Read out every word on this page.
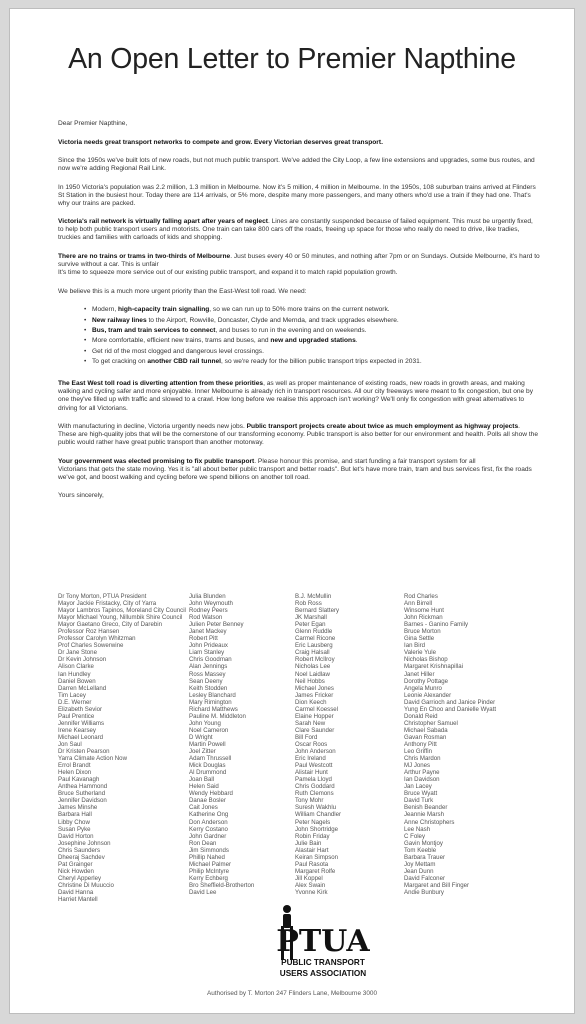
An Open Letter to Premier Napthine

Dear Premier Napthine,

Victoria needs great transport networks to compete and grow. Every Victorian deserves great transport.

Since the 1950s we've built lots of new roads, but not much public transport. We've added the City Loop, a few line extensions and upgrades, some bus routes, and now we're adding Regional Rail Link.

In 1950 Victoria's population was 2.2 million, 1.3 million in Melbourne. Now it's 5 million, 4 million in Melbourne. In the 1950s, 108 suburban trains arrived at Flinders St Station in the busiest hour. Today there are 114 arrivals, or 5% more, despite many more passengers, and many others who'd use a train if they had one. That's why our trains are packed.

Victoria's rail network is virtually falling apart after years of neglect. Lines are constantly suspended because of failed equipment. This must be urgently fixed, to help both public transport users and motorists. One train can take 800 cars off the roads, freeing up space for those who really do need to drive, like tradies, truckies and families with carloads of kids and shopping.

There are no trains or trams in two-thirds of Melbourne. Just buses every 40 or 50 minutes, and nothing after 7pm or on Sundays. Outside Melbourne, it's hard to survive without a car. This is unfair
It's time to squeeze more service out of our existing public transport, and expand it to match rapid population growth.

We believe this is a much more urgent priority than the East-West toll road. We need:

• Modern, high-capacity train signalling, so we can run up to 50% more trains on the current network.
• New railway lines to the Airport, Rowville, Doncaster, Clyde and Mernda, and track upgrades elsewhere.
• Bus, tram and train services to connect, and buses to run in the evening and on weekends.
• More comfortable, efficient new trains, trams and buses, and new and upgraded stations.
• Get rid of the most clogged and dangerous level crossings.
• To get cracking on another CBD rail tunnel, so we're ready for the billion public transport trips expected in 2031.

The East West toll road is diverting attention from these priorities, as well as proper maintenance of existing roads, new roads in growth areas, and making walking and cycling safer and more enjoyable. Inner Melbourne is already rich in transport resources. All our city freeways were meant to fix congestion, but one by one they've filled up with traffic and slowed to a crawl. How long before we realise this approach isn't working? We'll only fix congestion with great alternatives to driving for all Victorians.

With manufacturing in decline, Victoria urgently needs new jobs. Public transport projects create about twice as much employment as highway projects. These are high-quality jobs that will be the cornerstone of our transforming economy. Public transport is also better for our environment and health. Polls all show the public would rather have great public transport than another motorway.

Your government was elected promising to fix public transport. Please honour this promise, and start funding a fair transport system for all
Victorians that gets the state moving. Yes it is "all about better public transport and better roads". But let's have more train, tram and bus services first, fix the roads we've got, and boost walking and cycling before we spend billions on another toll road.

Yours sincerely,

Dr Tony Morton, PTUA President
Mayor Jackie Fristacky, City of Yarra
Mayor Lambros Tapinos, Moreland City Council
Mayor Michael Young, Nillumbik Shire Council
Mayor Gaetano Greco, City of Darebin
Professor Roz Hansen
Professor Carolyn Whitzman
Prof Charles Sowerwine
Dr Jane Stone
Dr Kevin Johnson
Alison Clarke
Ian Hundley
Daniel Bowen
Darren McLelland
Tim Lacey
D.E. Werner
Elizabeth Sevior
Paul Prentice
Jennifer Williams
Irene Kearsey
Michael Leonard
Jon Saul
Dr Kristen Pearson
Yarra Climate Action Now
Errol Brandt
Helen Dixon
Paul Kavanagh
Anthea Hammond
Bruce Sutherland
Jennifer Davidson
James Minshe
Barbara Hall
Libby Chow
Susan Pyke
David Horton
Josephine Johnson
Chris Saunders
Dheeraj Sachdev
Pat Grainger
Nick Howden
Cheryl Apperley
Christine Di Muuccio
David Hanna
Harriet Mantell
Julia Blunden
John Weymouth
Rodney Peers
Rod Watson
Julien Peter Benney
Janet Mackey
Robert Pitt
John Prideaux
Liam Stanley
Chris Goodman
Alan Jennings
Ross Massey
Sean Deeny
Keith Stodden
Lesley Blanchard
Mary Rimington
Richard Matthews
Pauline M. Middleton
John Young
Noel Cameron
D Wright
Martin Powell
Joel Zitter
Adam Thrussell
Mick Douglas
Al Drummond
Joan Ball
Helen Said
Wendy Hebbard
Danae Bosler
Cait Jones
Katherine Ong
Don Anderson
Kerry Costano
John Gardner
Ron Dean
Jim Simmonds
Phillip Nahed
Michael Palmer
Philip McIntyre
Kerry Echberg
Bro Sheffield-Brotherton
David Lee
B.J. McMullin
Rob Ross
Bernard Slattery
JK Marshall
Peter Egan
Glenn Ruddle
Carmel Ricone
Eric Lausberg
Craig Halsall
Robert McIlroy
Nicholas Lee
Noel Laidlaw
Neil Hobbs
Michael Jones
James Fricker
Dion Keech
Carmel Koessel
Elaine Hopper
Sarah New
Clare Saunder
Bill Ford
Oscar Roos
John Anderson
Eric Ireland
Paul Westcott
Alistair Hunt
Pamela Lloyd
Chris Goddard
Ruth Clemons
Tony Mohr
Suresh Wakhlu
William Chandler
Peter Nagels
John Shortridge
Robin Friday
Julie Bain
Alastair Hart
Keiran Simpson
Paul Rasota
Margaret Rolfe
Jill Koppel
Alex Swain
Yvonne Kirk
Rod Charles
Ann Birrell
Winsome Hunt
John Rickman
Barnes - Ganino Family
Bruce Morton
Gina Settle
Ian Bird
Valerie Yule
Nicholas Bishop
Margaret Krishnapillai
Janet Hiller
Dorothy Pottage
Angela Munro
Leonie Alexander
David Garrioch and Janice Pinder
Yung En Choo and Danielle Wyatt
Donald Reid
Christopher Samuel
Michael Sabada
Gavan Rosman
Anthony Pitt
Leo Griffin
Chris Mardon
MJ Jones
Arthur Payne
Ian Davidson
Jan Lacey
Bruce Wyatt
David Turk
Benish Beander
Jeannie Marsh
Anne Christophers
Lee Nash
C Foley
Gavin Montjoy
Tom Keeble
Barbara Trauer
Joy Mettam
Jean Dunn
David Falconer
Margaret and Bill Finger
Andie Bunbury
PTUA
PUBLIC TRANSPORT
USERS ASSOCIATION
Authorised by T. Morton 247 Flinders Lane, Melbourne 3000
